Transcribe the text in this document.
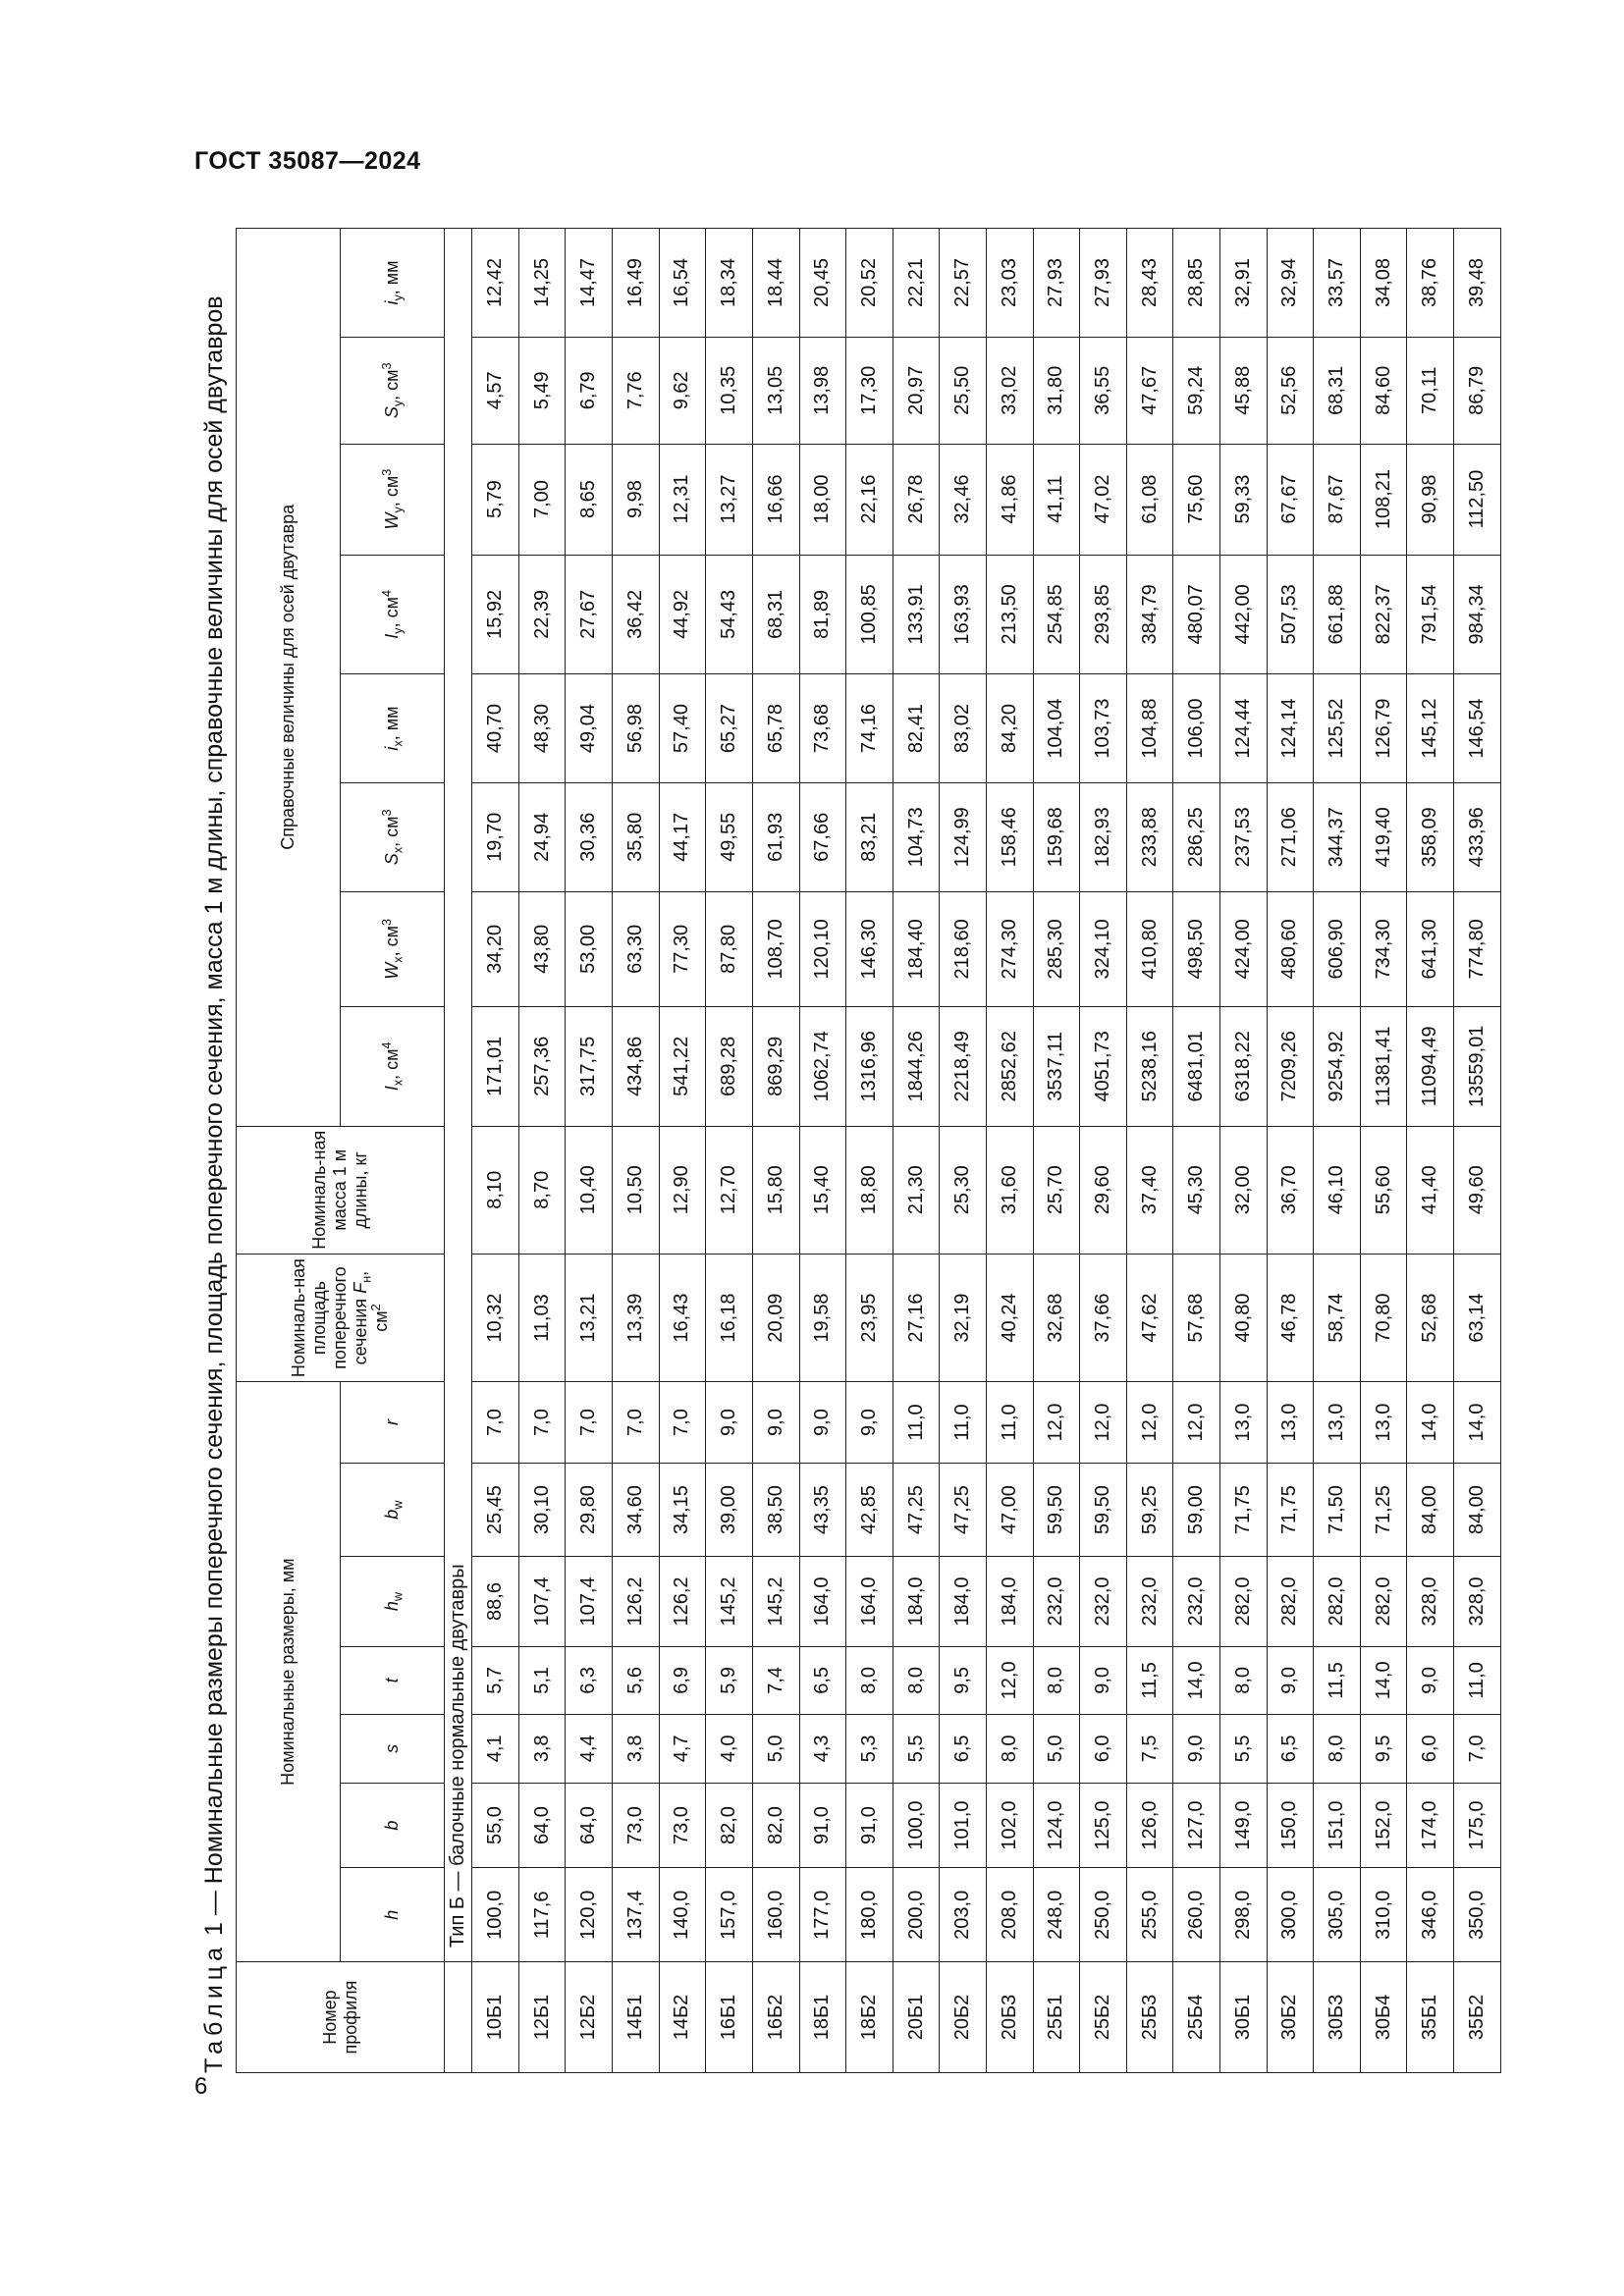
ГОСТ 35087—2024
6
Таблица 1 — Номинальные размеры поперечного сечения, площадь поперечного сечения, масса 1 м длины, справочные величины для осей двутавров
Номер профиля	Номинальные размеры, мм							Номиналь-ная площадь поперечного сечения $F_н$, $см^2$	Номиналь-ная масса 1 м длины, кг	Справочные величины для осей двутавра							
	h	b	s	t	$h_w$	$b_w$	r			$I_x$, $см^4$	$W_x$, $см^3$	$S_x$, $см^3$	$i_x$, мм	$I_y$, $см^4$	$W_y$, $см^3$	$S_y$, $см^3$	$i_y$, мм
	Тип Б — балочные нормальные двутавры																
10Б1	100,0	55,0	4,1	5,7	88,6	25,45	7,0	10,32	8,10	171,01	34,20	19,70	40,70	15,92	5,79	4,57	12,42
12Б1	117,6	64,0	3,8	5,1	107,4	30,10	7,0	11,03	8,70	257,36	43,80	24,94	48,30	22,39	7,00	5,49	14,25
12Б2	120,0	64,0	4,4	6,3	107,4	29,80	7,0	13,21	10,40	317,75	53,00	30,36	49,04	27,67	8,65	6,79	14,47
14Б1	137,4	73,0	3,8	5,6	126,2	34,60	7,0	13,39	10,50	434,86	63,30	35,80	56,98	36,42	9,98	7,76	16,49
14Б2	140,0	73,0	4,7	6,9	126,2	34,15	7,0	16,43	12,90	541,22	77,30	44,17	57,40	44,92	12,31	9,62	16,54
16Б1	157,0	82,0	4,0	5,9	145,2	39,00	9,0	16,18	12,70	689,28	87,80	49,55	65,27	54,43	13,27	10,35	18,34
16Б2	160,0	82,0	5,0	7,4	145,2	38,50	9,0	20,09	15,80	869,29	108,70	61,93	65,78	68,31	16,66	13,05	18,44
18Б1	177,0	91,0	4,3	6,5	164,0	43,35	9,0	19,58	15,40	1062,74	120,10	67,66	73,68	81,89	18,00	13,98	20,45
18Б2	180,0	91,0	5,3	8,0	164,0	42,85	9,0	23,95	18,80	1316,96	146,30	83,21	74,16	100,85	22,16	17,30	20,52
20Б1	200,0	100,0	5,5	8,0	184,0	47,25	11,0	27,16	21,30	1844,26	184,40	104,73	82,41	133,91	26,78	20,97	22,21
20Б2	203,0	101,0	6,5	9,5	184,0	47,25	11,0	32,19	25,30	2218,49	218,60	124,99	83,02	163,93	32,46	25,50	22,57
20Б3	208,0	102,0	8,0	12,0	184,0	47,00	11,0	40,24	31,60	2852,62	274,30	158,46	84,20	213,50	41,86	33,02	23,03
25Б1	248,0	124,0	5,0	8,0	232,0	59,50	12,0	32,68	25,70	3537,11	285,30	159,68	104,04	254,85	41,11	31,80	27,93
25Б2	250,0	125,0	6,0	9,0	232,0	59,50	12,0	37,66	29,60	4051,73	324,10	182,93	103,73	293,85	47,02	36,55	27,93
25Б3	255,0	126,0	7,5	11,5	232,0	59,25	12,0	47,62	37,40	5238,16	410,80	233,88	104,88	384,79	61,08	47,67	28,43
25Б4	260,0	127,0	9,0	14,0	232,0	59,00	12,0	57,68	45,30	6481,01	498,50	286,25	106,00	480,07	75,60	59,24	28,85
30Б1	298,0	149,0	5,5	8,0	282,0	71,75	13,0	40,80	32,00	6318,22	424,00	237,53	124,44	442,00	59,33	45,88	32,91
30Б2	300,0	150,0	6,5	9,0	282,0	71,75	13,0	46,78	36,70	7209,26	480,60	271,06	124,14	507,53	67,67	52,56	32,94
30Б3	305,0	151,0	8,0	11,5	282,0	71,50	13,0	58,74	46,10	9254,92	606,90	344,37	125,52	661,88	87,67	68,31	33,57
30Б4	310,0	152,0	9,5	14,0	282,0	71,25	13,0	70,80	55,60	11381,41	734,30	419,40	126,79	822,37	108,21	84,60	34,08
35Б1	346,0	174,0	6,0	9,0	328,0	84,00	14,0	52,68	41,40	11094,49	641,30	358,09	145,12	791,54	90,98	70,11	38,76
35Б2	350,0	175,0	7,0	11,0	328,0	84,00	14,0	63,14	49,60	13559,01	774,80	433,96	146,54	984,34	112,50	86,79	39,48
